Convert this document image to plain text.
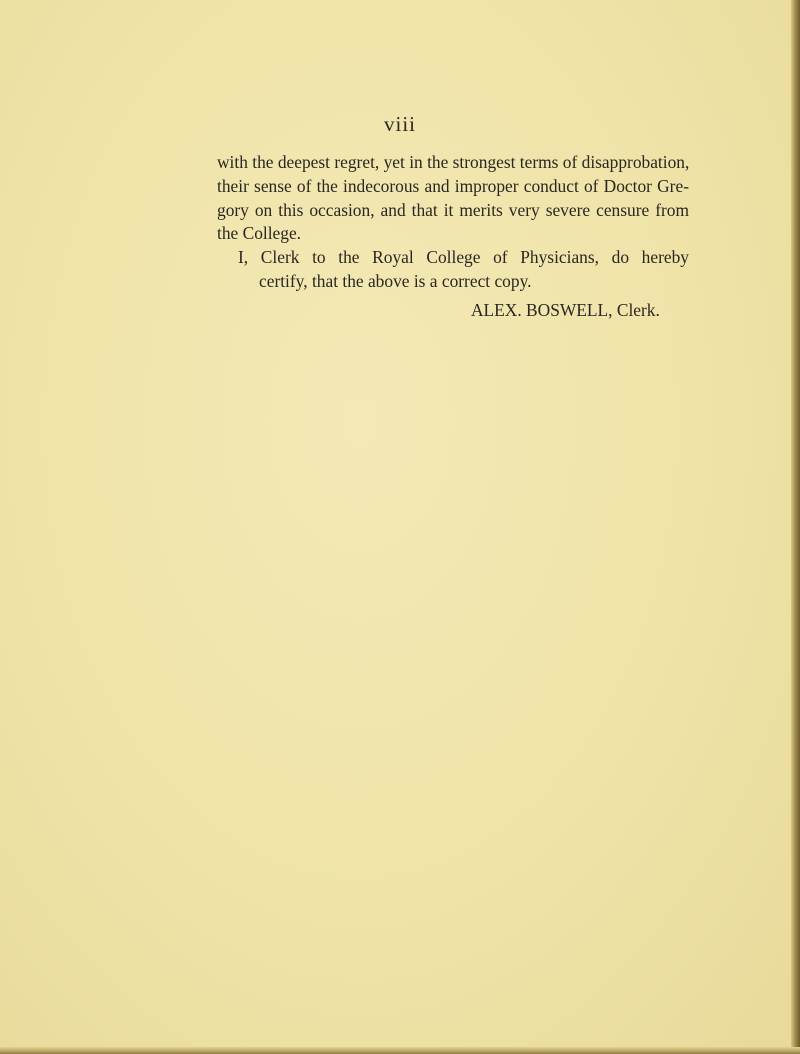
viii
with the deepest regret, yet in the strongest terms of disapprobation,
their sense of the indecorous and improper conduct of Doctor Gre-
gory on this occasion, and that it merits very severe censure from
the College.
I, Clerk to the Royal College of Physicians, do hereby
certify, that the above is a correct copy.
ALEX. BOSWELL, Clerk.
